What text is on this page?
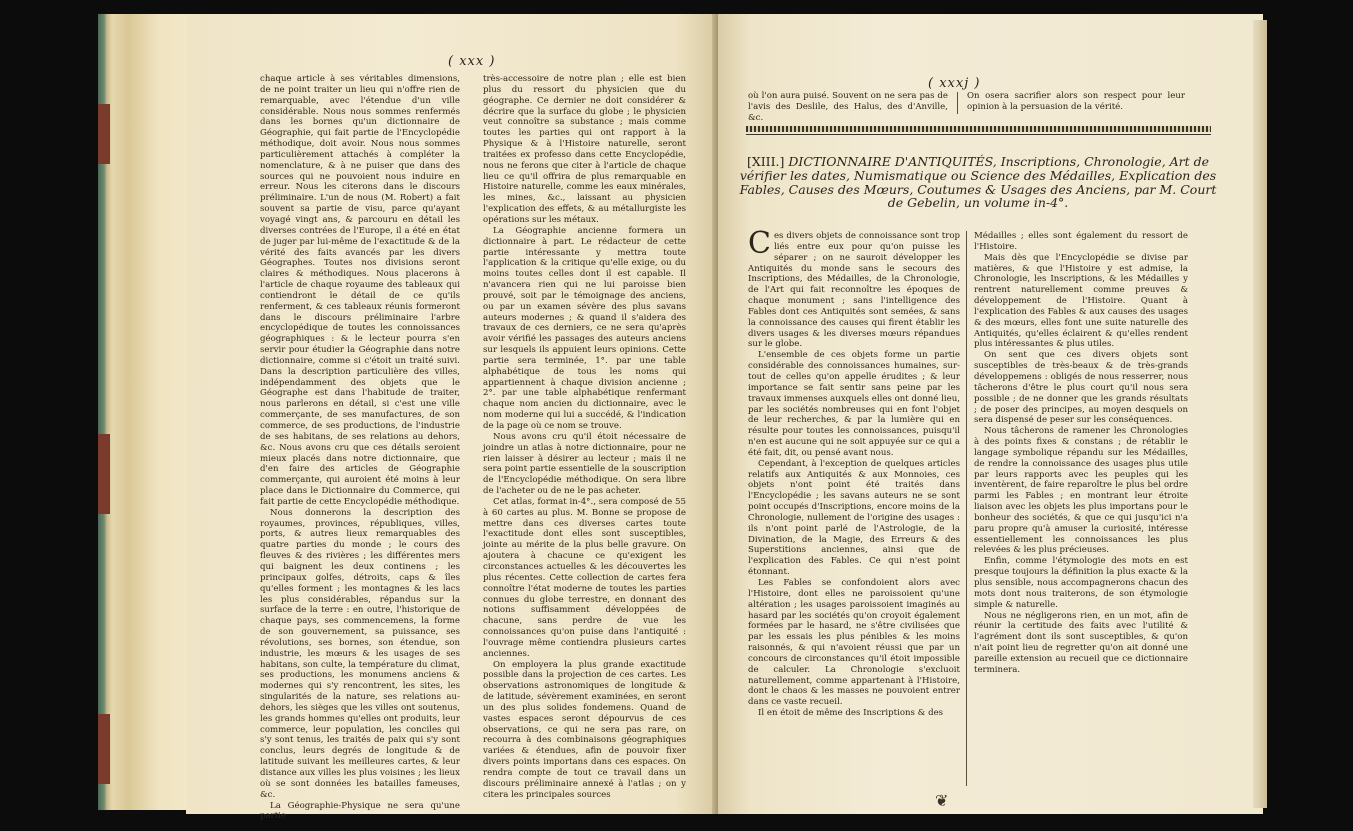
( xxx )

chaque article à ses véritables dimensions, de ne point traiter un lieu qui n'offre rien de remarquable, avec l'étendue d'un ville considérable. Nous nous sommes renfermés dans les bornes qu'un dictionnaire de Géographie, qui fait partie de l'Encyclopédie méthodique, doit avoir. Nous nous sommes particulièrement attachés à compléter la nomenclature, & à ne puiser que dans des sources qui ne pouvoient nous induire en erreur. Nous les citerons dans le discours préliminaire. L'un de nous (M. Robert) a fait souvent sa partie de visu, parce qu'ayant voyagé vingt ans, & parcouru en détail les diverses contrées de l'Europe, il a été en état de juger par lui-même de l'exactitude & de la vérité des faits avancés par les divers Géographes. Toutes nos divisions seront claires & méthodiques. Nous placerons à l'article de chaque royaume des tableaux qui contiendront le détail de ce qu'ils renferment, & ces tableaux réunis formeront dans le discours préliminaire l'arbre encyclopédique de toutes les connoissances géographiques : & le lecteur pourra s'en servir pour étudier la Géographie dans notre dictionnaire, comme si c'étoit un traité suivi. Dans la description particulière des villes, indépendamment des objets que le Géographe est dans l'habitude de traiter, nous parlerons en détail, si c'est une ville commerçante, de ses manufactures, de son commerce, de ses productions, de l'industrie de ses habitans, de ses relations au dehors, &c. Nous avons cru que ces détails seroient mieux placés dans notre dictionnaire, que d'en faire des articles de Géographie commerçante, qui auroient été moins à leur place dans le Dictionnaire du Commerce, qui fait partie de cette Encyclopédie méthodique.

Nous donnerons la description des royaumes, provinces, républiques, villes, ports, & autres lieux remarquables des quatre parties du monde ; le cours des fleuves & des rivières ; les différentes mers qui baignent les deux continens ; les principaux golfes, détroits, caps & îles qu'elles forment ; les montagnes & les lacs les plus considérables, répandus sur la surface de la terre : en outre, l'historique de chaque pays, ses commencemens, la forme de son gouvernement, sa puissance, ses révolutions, ses bornes, son étendue, son industrie, les mœurs & les usages de ses habitans, son culte, la température du climat, ses productions, les monumens anciens & modernes qui s'y rencontrent, les sites, les singularités de la nature, ses relations au-dehors, les sièges que les villes ont soutenus, les grands hommes qu'elles ont produits, leur commerce, leur population, les conciles qui s'y sont tenus, les traités de paix qui s'y sont conclus, leurs degrés de longitude & de latitude suivant les meilleures cartes, & leur distance aux villes les plus voisines ; les lieux où se sont données les batailles fameuses, &c.

La Géographie-Physique ne sera qu'une partie

très-accessoire de notre plan ; elle est bien plus du ressort du physicien que du géographe. Ce dernier ne doit considérer & décrire que la surface du globe ; le physicien veut connoître sa substance ; mais comme toutes les parties qui ont rapport à la Physique & à l'Histoire naturelle, seront traitées ex professo dans cette Encyclopédie, nous ne ferons que citer à l'article de chaque lieu ce qu'il offrira de plus remarquable en Histoire naturelle, comme les eaux minérales, les mines, &c., laissant au physicien l'explication des effets, & au métallurgiste les opérations sur les métaux.

La Géographie ancienne formera un dictionnaire à part. Le rédacteur de cette partie intéressante y mettra toute l'application & la critique qu'elle exige, ou du moins toutes celles dont il est capable. Il n'avancera rien qui ne lui paroisse bien prouvé, soit par le témoignage des anciens, ou par un examen sévère des plus savans auteurs modernes ; & quand il s'aidera des travaux de ces derniers, ce ne sera qu'après avoir vérifié les passages des auteurs anciens sur lesquels ils appuient leurs opinions. Cette partie sera terminée, 1°. par une table alphabétique de tous les noms qui appartiennent à chaque division ancienne ; 2°. par une table alphabétique renfermant chaque nom ancien du dictionnaire, avec le nom moderne qui lui a succédé, & l'indication de la page où ce nom se trouve.

Nous avons cru qu'il étoit nécessaire de joindre un atlas à notre dictionnaire, pour ne rien laisser à désirer au lecteur ; mais il ne sera point partie essentielle de la souscription de l'Encyclopédie méthodique. On sera libre de l'acheter ou de ne le pas acheter.

Cet atlas, format in-4°., sera composé de 55 à 60 cartes au plus. M. Bonne se propose de mettre dans ces diverses cartes toute l'exactitude dont elles sont susceptibles, jointe au mérite de la plus belle gravure. On ajoutera à chacune ce qu'exigent les circonstances actuelles & les découvertes les plus récentes. Cette collection de cartes fera connoître l'état moderne de toutes les parties connues du globe terrestre, en donnant des notions suffisamment développées de chacune, sans perdre de vue les connoissances qu'on puise dans l'antiquité : l'ouvrage même contiendra plusieurs cartes anciennes.

On employera la plus grande exactitude possible dans la projection de ces cartes. Les observations astronomiques de longitude & de latitude, sévèrement examinées, en seront un des plus solides fondemens. Quand de vastes espaces seront dépourvus de ces observations, ce qui ne sera pas rare, on recourra à des combinaisons géographiques variées & étendues, afin de pouvoir fixer divers points importans dans ces espaces. On rendra compte de tout ce travail dans un discours préliminaire annexé à l'atlas ; on y citera les principales sources

( xxxj )

où l'on aura puisé. Souvent on ne sera pas de l'avis des Deslile, des Halus, des d'Anville, &c.

On osera sacrifier alors son respect pour leur opinion à la persuasion de la vérité.

[XIII.] DICTIONNAIRE D'ANTIQUITÉS, Inscriptions, Chronologie, Art de vérifier les dates, Numismatique ou Science des Médailles, Explication des Fables, Causes des Mœurs, Coutumes & Usages des Anciens, par M. Court de Gebelin, un volume in-4°.

Ces divers objets de connoissance sont trop liés entre eux pour qu'on puisse les séparer ; on ne sauroit développer les Antiquités du monde sans le secours des Inscriptions, des Médailles, de la Chronologie, de l'Art qui fait reconnoître les époques de chaque monument ; sans l'intelligence des Fables dont ces Antiquités sont semées, & sans la connoissance des causes qui firent établir les divers usages & les diverses mœurs répandues sur le globe.

L'ensemble de ces objets forme un partie considérable des connoissances humaines, sur-tout de celles qu'on appelle érudites ; & leur importance se fait sentir sans peine par les travaux immenses auxquels elles ont donné lieu, par les sociétés nombreuses qui en font l'objet de leur recherches, & par la lumière qui en résulte pour toutes les connoissances, puisqu'il n'en est aucune qui ne soit appuyée sur ce qui a été fait, dit, ou pensé avant nous.

Cependant, à l'exception de quelques articles relatifs aux Antiquités & aux Monnoies, ces objets n'ont point été traités dans l'Encyclopédie ; les savans auteurs ne se sont point occupés d'Inscriptions, encore moins de la Chronologie, nullement de l'origine des usages : ils n'ont point parlé de l'Astrologie, de la Divination, de la Magie, des Erreurs & des Superstitions anciennes, ainsi que de l'explication des Fables. Ce qui n'est point étonnant.

Les Fables se confondoient alors avec l'Histoire, dont elles ne paroissoient qu'une altération ; les usages paroissoient imaginés au hasard par les sociétés qu'on croyoit également formées par le hasard, ne s'être civilisées que par les essais les plus pénibles & les moins raisonnés, & qui n'avoient réussi que par un concours de circonstances qu'il étoit impossible de calculer. La Chronologie s'excluoit naturellement, comme appartenant à l'Histoire, dont le chaos & les masses ne pouvoient entrer dans ce vaste recueil.

Il en étoit de même des Inscriptions & des

Médailles ; elles sont également du ressort de l'Histoire.

Mais dès que l'Encyclopédie se divise par matières, & que l'Histoire y est admise, la Chronologie, les Inscriptions, & les Médailles y rentrent naturellement comme preuves & développement de l'Histoire. Quant à l'explication des Fables & aux causes des usages & des mœurs, elles font une suite naturelle des Antiquités, qu'elles éclairent & qu'elles rendent plus intéressantes & plus utiles.

On sent que ces divers objets sont susceptibles de très-beaux & de très-grands développemens : obligés de nous resserrer, nous tâcherons d'être le plus court qu'il nous sera possible ; de ne donner que les grands résultats ; de poser des principes, au moyen desquels on sera dispensé de peser sur les conséquences.

Nous tâcherons de ramener les Chronologies à des points fixes & constans ; de rétablir le langage symbolique répandu sur les Médailles, de rendre la connoissance des usages plus utile par leurs rapports avec les peuples qui les inventèrent, de faire reparoître le plus bel ordre parmi les Fables ; en montrant leur étroite liaison avec les objets les plus importans pour le bonheur des sociétés, & que ce qui jusqu'ici n'a paru propre qu'à amuser la curiosité, intéresse essentiellement les connoissances les plus relevées & les plus précieuses.

Enfin, comme l'étymologie des mots en est presque toujours la définition la plus exacte & la plus sensible, nous accompagnerons chacun des mots dont nous traiterons, de son étymologie simple & naturelle.

Nous ne négligerons rien, en un mot, afin de réunir la certitude des faits avec l'utilité & l'agrément dont ils sont susceptibles, & qu'on n'ait point lieu de regretter qu'on ait donné une pareille extension au recueil que ce dictionnaire terminera.

❦
